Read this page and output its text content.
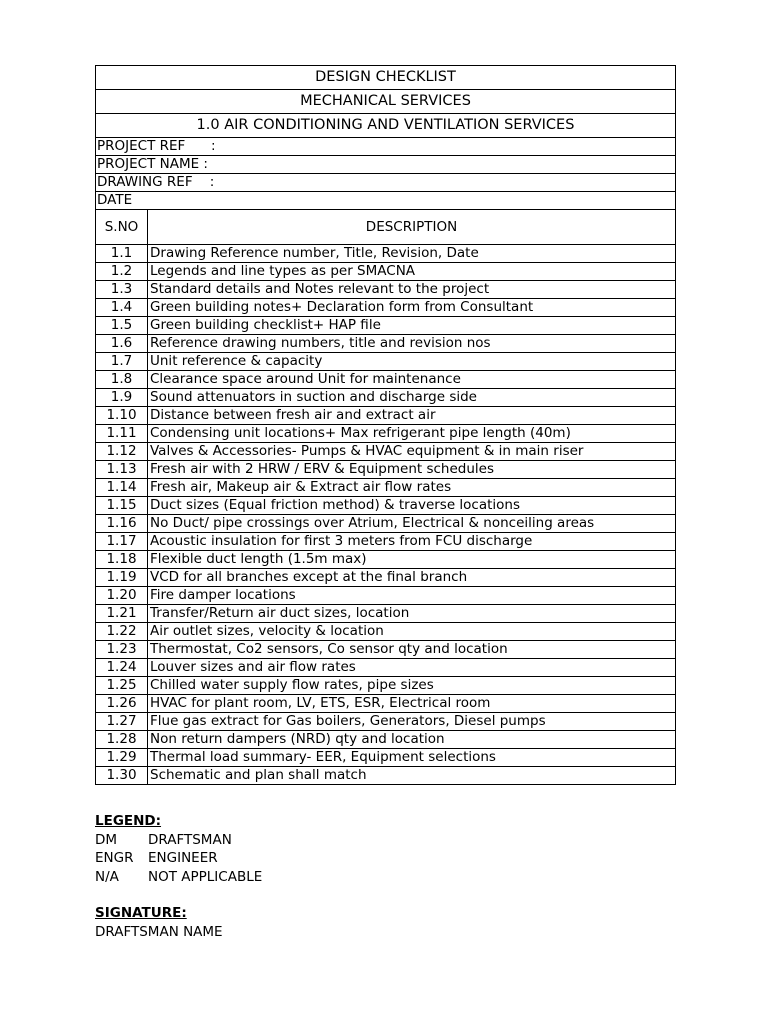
DESIGN CHECKLIST	
MECHANICAL SERVICES	
1.0 AIR CONDITIONING AND VENTILATION SERVICES	
PROJECT REF      :	
PROJECT NAME :	
DRAWING REF    :	
DATE	
S.NO	DESCRIPTION
1.1	Drawing Reference number, Title, Revision, Date
1.2	Legends and line types as per SMACNA
1.3	Standard details and Notes relevant to the project
1.4	Green building notes+ Declaration form from Consultant
1.5	Green building checklist+ HAP file
1.6	Reference drawing numbers, title and revision nos
1.7	Unit reference & capacity
1.8	Clearance space around Unit for maintenance
1.9	Sound attenuators in suction and discharge side
1.10	Distance between fresh air and extract air
1.11	Condensing unit locations+ Max refrigerant pipe length (40m)
1.12	Valves & Accessories- Pumps & HVAC equipment & in main riser
1.13	Fresh air with 2 HRW / ERV & Equipment schedules
1.14	Fresh air, Makeup air & Extract air flow rates
1.15	Duct sizes (Equal friction method) & traverse locations
1.16	No Duct/ pipe crossings over Atrium, Electrical & nonceiling areas
1.17	Acoustic insulation for first 3 meters from FCU discharge
1.18	Flexible duct length (1.5m max)
1.19	VCD for all branches except at the final branch
1.20	Fire damper locations
1.21	Transfer/Return air duct sizes, location
1.22	Air outlet sizes, velocity & location
1.23	Thermostat, Co2 sensors, Co sensor qty and location
1.24	Louver sizes and air flow rates
1.25	Chilled water supply flow rates, pipe sizes
1.26	HVAC for plant room, LV, ETS, ESR, Electrical room
1.27	Flue gas extract for Gas boilers, Generators, Diesel pumps
1.28	Non return dampers (NRD) qty and location
1.29	Thermal load summary- EER, Equipment selections
1.30	Schematic and plan shall match
LEGEND:
DM	DRAFTSMAN
ENGR	ENGINEER
N/A	NOT APPLICABLE
SIGNATURE:
DRAFTSMAN NAME
